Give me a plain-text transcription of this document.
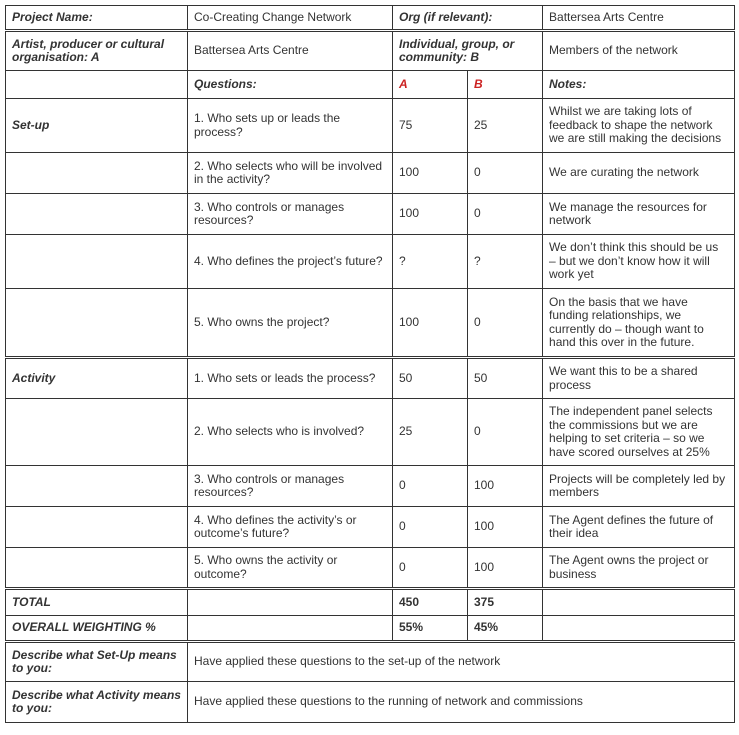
Project Name:	Co-Creating Change Network	Org (if relevant):		Battersea Arts Centre
Artist, producer or cultural organisation: A	Battersea Arts Centre	Individual, group, or community: B		Members of the network
	Questions:	A	B	Notes:
Set-up	1. Who sets up or leads the process?	75	25	Whilst we are taking lots of feedback to shape the network we are still making the decisions
	2. Who selects who will be involved in the activity?	100	0	We are curating the network
	3. Who controls or manages resources?	100	0	We manage the resources for network
	4. Who defines the project’s future?	?	?	We don’t think this should be us – but we don’t know how it will work yet
	5. Who owns the project?	100	0	On the basis that we have funding relationships, we currently do – though want to hand this over in the future.
Activity	1. Who sets or leads the process?	50	50	We want this to be a shared process
	2. Who selects who is involved?	25	0	The independent panel selects the commissions but we are helping to set criteria – so we have scored ourselves at 25%
	3. Who controls or manages resources?	0	100	Projects will be completely led by members
	4. Who defines the activity’s or outcome’s future?	0	100	The Agent defines the future of their idea
	5. Who owns the activity or outcome?	0	100	The Agent owns the project or business
TOTAL		450	375	
OVERALL WEIGHTING %		55%	45%	
Describe what Set-Up means to you:	Have applied these questions to the set-up of the network			
Describe what Activity means to you:	Have applied these questions to the running of network and commissions			
